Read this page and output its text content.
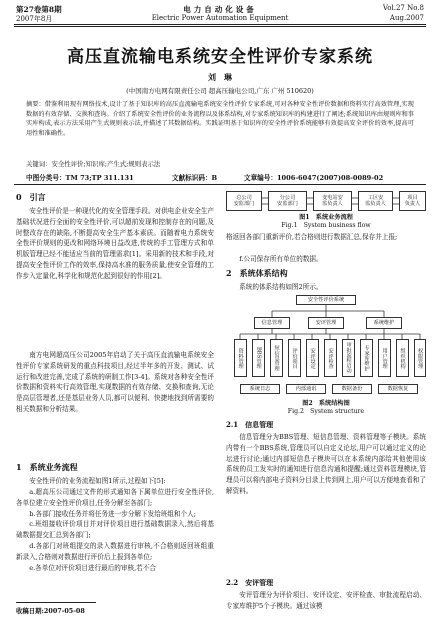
第27卷第8期
2007年8月
电力自动化设备
Electric Power Automation Equipment
Vol.27 No.8
Aug.2007
高压直流输电系统安全性评价专家系统
刘　琳
(中国南方电网有限责任公司 超高压输电公司,广东 广州 510620)

摘要：借鉴利用现有网络技术,设计了基于知识库的高压直流输电系统安全性评价专家系统,可对各种安全性评价数据和资料实行高效管理,实现数据的有效存储、交换和查询。介绍了系统安全性评价的业务流程以及体系结构,对专家系统知识库的构建进行了阐述;系统知识库由规则库和事实库构成,表示方法采用产生式规则表示法,并描述了其数据结构。实践证明基于知识库的安全性评价系统能够有效提高安全评价的效率,提高可用性和准确性。

关键词：安全性评价;知识库;产生式;规则表示法

中图分类号：TM 73;TP 311.131	文献标识码：B	文章编号：1006-6047(2007)08-0089-02
0　引言

安全性评价是一种现代化的安全管理手段。对供电企业安全生产基础状况进行全面的安全性评价,可以超前发现和控制存在的问题,及时整改存在的缺陷,不断提高安全生产基本素质。而随着电力系统安全性评价规则的更改和网络环境日益改进,传统的手工管理方式和单机版管理已经不能适应当前的管理需求[1]。采用新的技术和手段,对提高安全性评价工作的效率,保持高水准的服务质量,使安全管理的工作步入定量化,科学化和规范化起到很好的作用[2]。

南方电网超高压公司2005年启动了关于高压直流输电系统安全性评价专家系统研发的重点科技项目,经过半年多的开发、测试、试运行和改进完善,完成了系统的研制工作[3-4]。系统对各种安全性评价数据和资料实行高效管理,实现数据的有效存储、交换和查询,无论是高层管理者,还是基层业务人员,都可以便利、快捷地找到所需要的相关数据和分析结果。

1　系统业务流程

安全性评价的业务流程如图1所示,过程如下[5]:

a.超高压公司通过文件的形式通知各下属单位进行安全性评价,各单位建立安全性评价项目,任务分解至各部门;

b.各部门接收任务并将任务进一步分解下发给班组和个人;

c.班组接收评价项目并对评价项目进行基础数据录入,然后将基础数据提交汇总到各部门;

d.各部门对班组提交的录入数据进行审核,不合格则返回班组重新录入,合格则对数据进行评价后上报到各单位;

e.各单位对评价项目进行最后的审核,若不合

收稿日期:2007-05-08
总公司
安监部门
分公司
安监部门
变电站安
监负责人
工区安
监负责人
项目
负责人
图1　系统业务流程
Fig.1　System business flow

格返回各部门重新评价,若合格则进行数据汇总,保存并上报;

f.公司保存所有单位的数据。

2　系统体系结构

系统的体系结构如图2所示。

安全性评价系统
信息管理	安评管理	系统维护
资料管理	BBS管理	短信息管理	评价项目	安评设定	安评检查	审批流程启动	专家库维护	用户管理	组织机构	权限管理
系统日志	内部通讯	数据备份	数据恢复
图2　系统结构图
Fig.2　System structure
2.1　信息管理

信息管理分为BBS管理、短信息管理、资料管理等子模块。系统内带有一个BBS系统,管理员可以自定义论坛,用户可以通过定义的论坛进行讨论;通过内部短信息子模块可以在本系统内部给其他使用该系统的员工发实时的通知进行信息沟通和提醒;通过资料管理模块,管理员可以将内部电子资料分目录上传到网上,用户可以方便地查看和了解资料。

2.2　安评管理

安评管理分为评价项目、安评设定、安评检查、审批流程启动、专家库维护5个子模块。通过该模
